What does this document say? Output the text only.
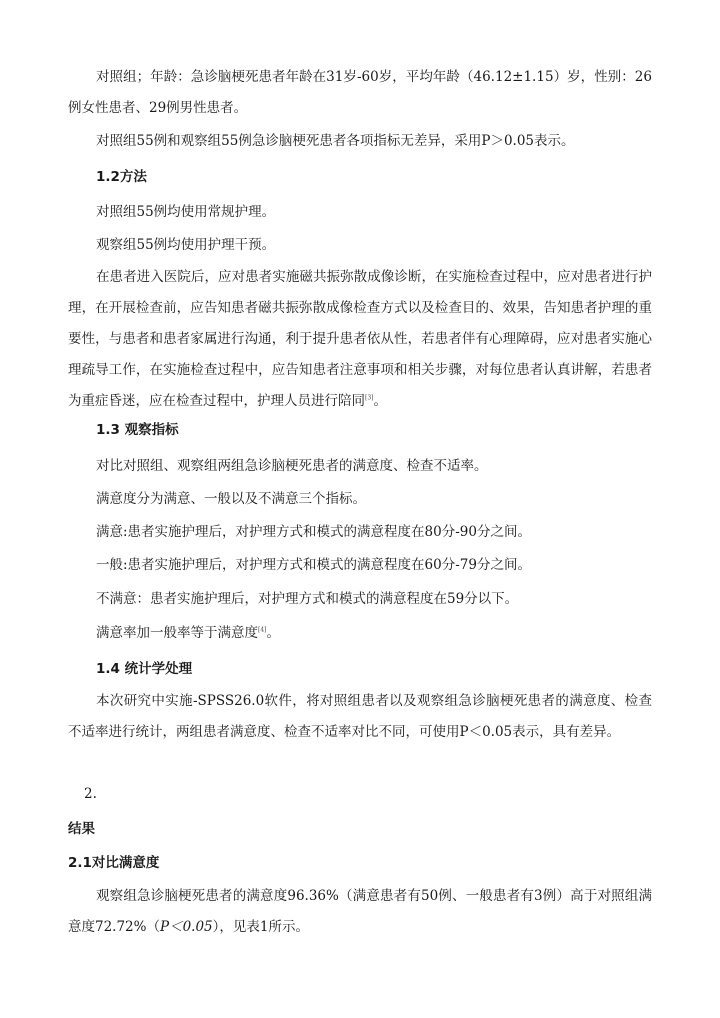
对照组；年龄：急诊脑梗死患者年龄在31岁-60岁，平均年龄（46.12±1.15）岁，性别：26例女性患者、29例男性患者。

对照组55例和观察组55例急诊脑梗死患者各项指标无差异，采用P＞0.05表示。

1.2方法

对照组55例均使用常规护理。

观察组55例均使用护理干预。

在患者进入医院后，应对患者实施磁共振弥散成像诊断，在实施检查过程中，应对患者进行护理，在开展检查前，应告知患者磁共振弥散成像检查方式以及检查目的、效果，告知患者护理的重要性，与患者和患者家属进行沟通，利于提升患者依从性，若患者伴有心理障碍，应对患者实施心理疏导工作，在实施检查过程中，应告知患者注意事项和相关步骤，对每位患者认真讲解，若患者为重症昏迷，应在检查过程中，护理人员进行陪同[3]。

1.3 观察指标

对比对照组、观察组两组急诊脑梗死患者的满意度、检查不适率。

满意度分为满意、一般以及不满意三个指标。

满意:患者实施护理后，对护理方式和模式的满意程度在80分-90分之间。

一般:患者实施护理后，对护理方式和模式的满意程度在60分-79分之间。

不满意：患者实施护理后，对护理方式和模式的满意程度在59分以下。

满意率加一般率等于满意度[4]。

1.4 统计学处理

本次研究中实施-SPSS26.0软件，将对照组患者以及观察组急诊脑梗死患者的满意度、检查不适率进行统计，两组患者满意度、检查不适率对比不同，可使用P＜0.05表示，具有差异。

2.

结果
2.1对比满意度

观察组急诊脑梗死患者的满意度96.36%（满意患者有50例、一般患者有3例）高于对照组满意度72.72%（P＜0.05），见表1所示。
